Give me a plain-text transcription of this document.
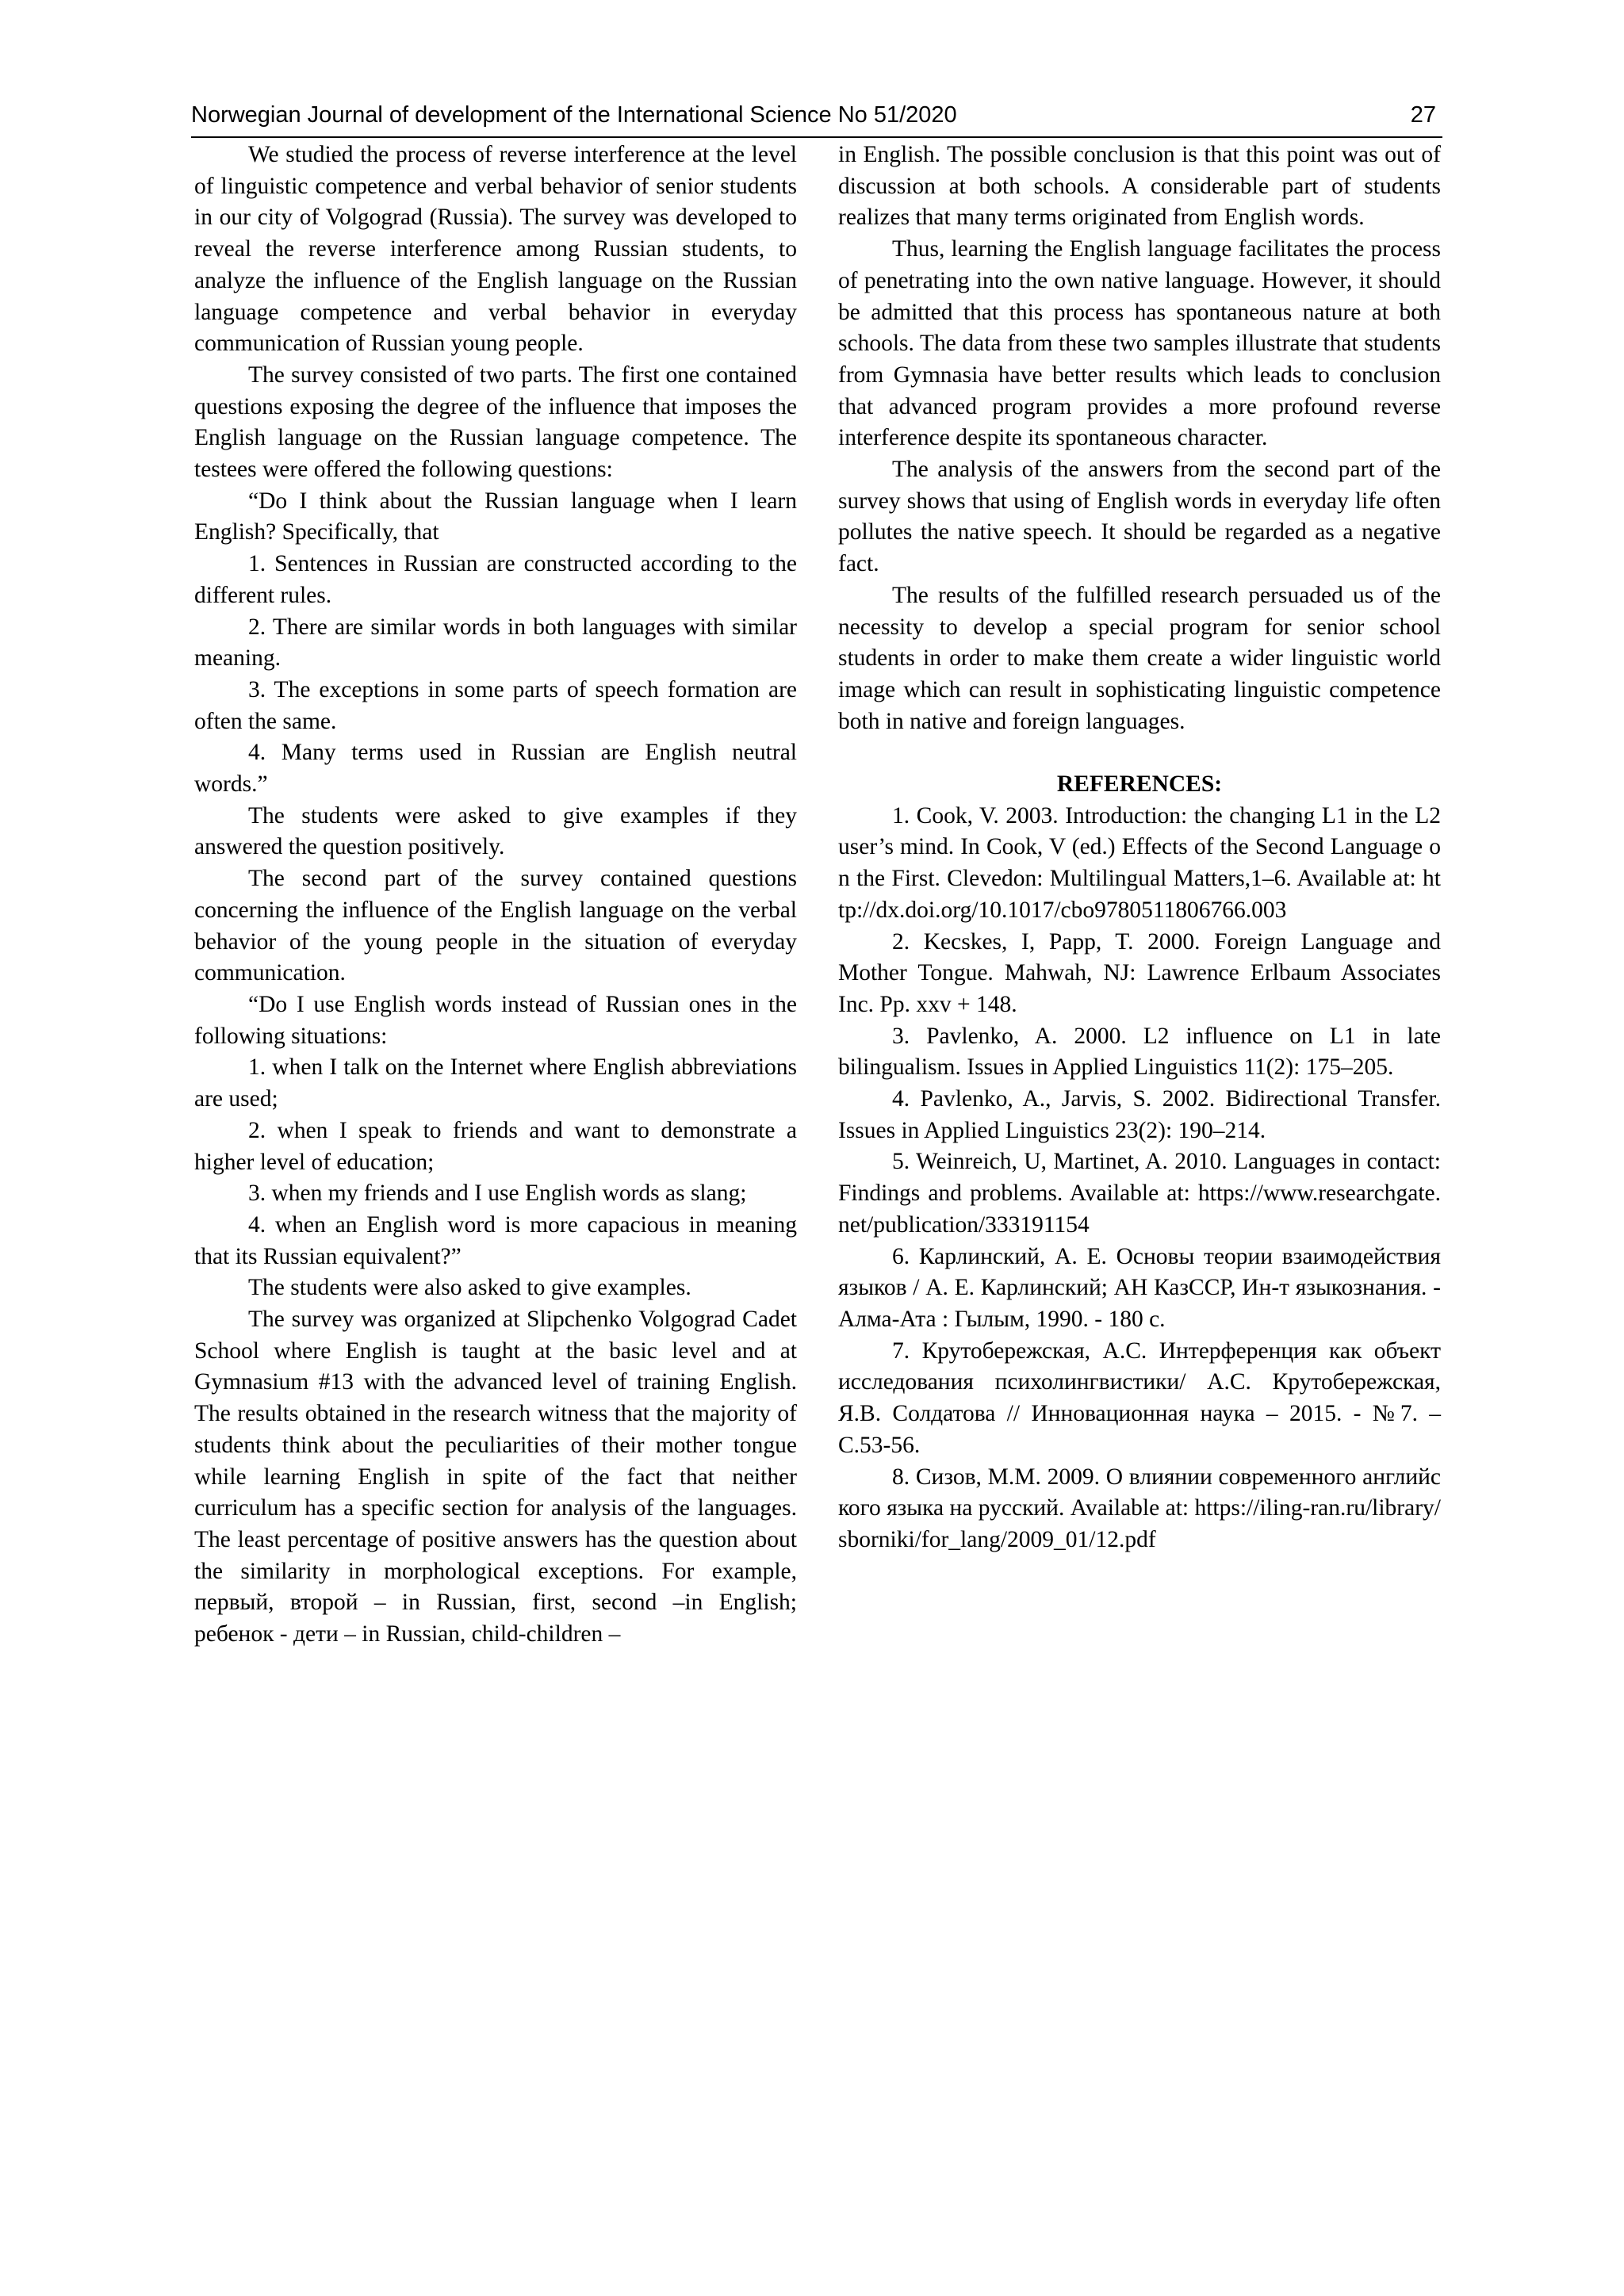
Norwegian Journal of development of the International Science No 51/2020	27

We studied the process of reverse interference at the level of linguistic competence and verbal behavior of senior students in our city of Volgograd (Russia). The survey was developed to reveal the reverse interference among Russian students, to analyze the influence of the English language on the Russian language competence and verbal behavior in everyday communication of Russian young people.

The survey consisted of two parts. The first one contained questions exposing the degree of the influence that imposes the English language on the Russian language competence. The testees were offered the following questions:

“Do I think about the Russian language when I learn English? Specifically, that

1. Sentences in Russian are constructed according to the different rules.

2. There are similar words in both languages with similar meaning.

3. The exceptions in some parts of speech formation are often the same.

4. Many terms used in Russian are English neutral words.”

The students were asked to give examples if they answered the question positively.

The second part of the survey contained questions concerning the influence of the English language on the verbal behavior of the young people in the situation of everyday communication.

“Do I use English words instead of Russian ones in the following situations:

1. when I talk on the Internet where English abbreviations are used;

2. when I speak to friends and want to demonstrate a higher level of education;

3. when my friends and I use English words as slang;

4. when an English word is more capacious in meaning that its Russian equivalent?”

The students were also asked to give examples.

The survey was organized at Slipchenko Volgograd Cadet School where English is taught at the basic level and at Gymnasium #13 with the advanced level of training English. The results obtained in the research witness that the majority of students think about the peculiarities of their mother tongue while learning English in spite of the fact that neither curriculum has a specific section for analysis of the languages. The least percentage of positive answers has the question about the similarity in morphological exceptions. For example, первый, второй – in Russian, first, second –in English; ребенок - дети – in Russian, child-children –

in English. The possible conclusion is that this point was out of discussion at both schools. A considerable part of students realizes that many terms originated from English words.

Thus, learning the English language facilitates the process of penetrating into the own native language. However, it should be admitted that this process has spontaneous nature at both schools. The data from these two samples illustrate that students from Gymnasia have better results which leads to conclusion that advanced program provides a more profound reverse interference despite its spontaneous character.

The analysis of the answers from the second part of the survey shows that using of English words in everyday life often pollutes the native speech. It should be regarded as a negative fact.

The results of the fulfilled research persuaded us of the necessity to develop a special program for senior school students in order to make them create a wider linguistic world image which can result in sophisticating linguistic competence both in native and foreign languages.

REFERENCES:

1. Cook, V. 2003. Introduction: the changing L1 in the L2 user’s mind. In Cook, V (ed.) Effects of the Second Language on the First. Clevedon: Multilingual Matters,1–6. Available at: http://dx.doi.org/10.1017/cbo9780511806766.003

2. Kecskes, I, Papp, T. 2000. Foreign Language and Mother Tongue. Mahwah, NJ: Lawrence Erlbaum Associates Inc. Pp. xxv + 148.

3. Pavlenko, A. 2000. L2 influence on L1 in late bilingualism. Issues in Applied Linguistics 11(2): 175–205.

4. Pavlenko, A., Jarvis, S. 2002. Bidirectional Transfer. Issues in Applied Linguistics 23(2): 190–214.

5. Weinreich, U, Martinet, A. 2010. Languages in contact: Findings and problems. Available at: https://www.researchgate.net/publication/333191154

6. Карлинский, А. Е. Основы теории взаимодействия языков / А. Е. Карлинский; АН КазССР, Ин-т языкознания. - Алма-Ата : Гылым, 1990. - 180 с.

7. Крутобережская, А.С. Интерференция как объект исследования психолингвистики/ А.С. Крутобережская, Я.В. Солдатова // Инновационная наука – 2015. - №7. – С.53-56.

8. Сизов, М.М. 2009. О влиянии современного английского языка на русский. Available at: https://iling-ran.ru/library/sborniki/for_lang/2009_01/12.pdf
